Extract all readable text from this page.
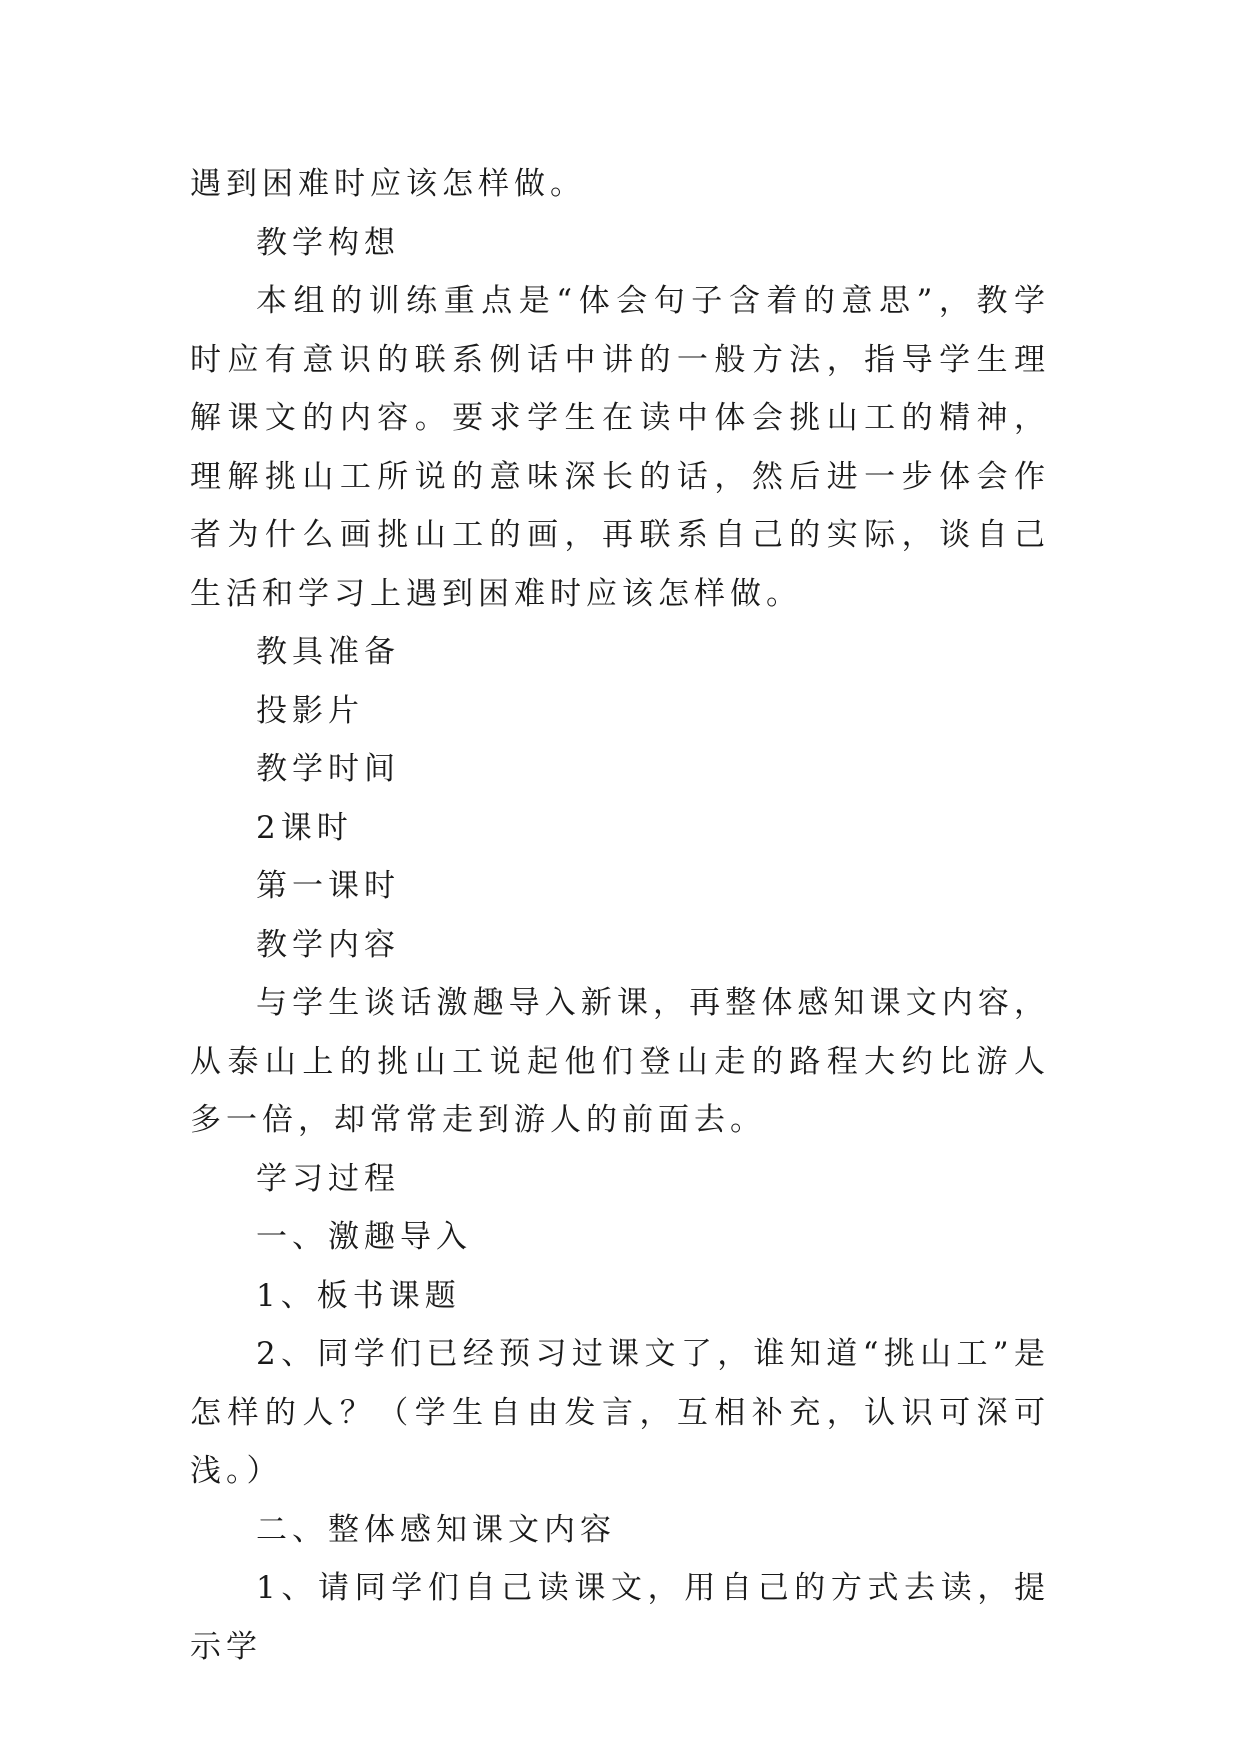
遇到困难时应该怎样做。

教学构想

本组的训练重点是“体会句子含着的意思”，教学时应有意识的联系例话中讲的一般方法，指导学生理解课文的内容。要求学生在读中体会挑山工的精神，理解挑山工所说的意味深长的话，然后进一步体会作者为什么画挑山工的画，再联系自己的实际，谈自己生活和学习上遇到困难时应该怎样做。

教具准备

投影片

教学时间

2课时

第一课时

教学内容

与学生谈话激趣导入新课，再整体感知课文内容，从泰山上的挑山工说起他们登山走的路程大约比游人多一倍，却常常走到游人的前面去。

学习过程

一、激趣导入

1、板书课题

2、同学们已经预习过课文了，谁知道“挑山工”是怎样的人？（学生自由发言，互相补充，认识可深可浅。）

二、整体感知课文内容

1、请同学们自己读课文，用自己的方式去读，提示学
